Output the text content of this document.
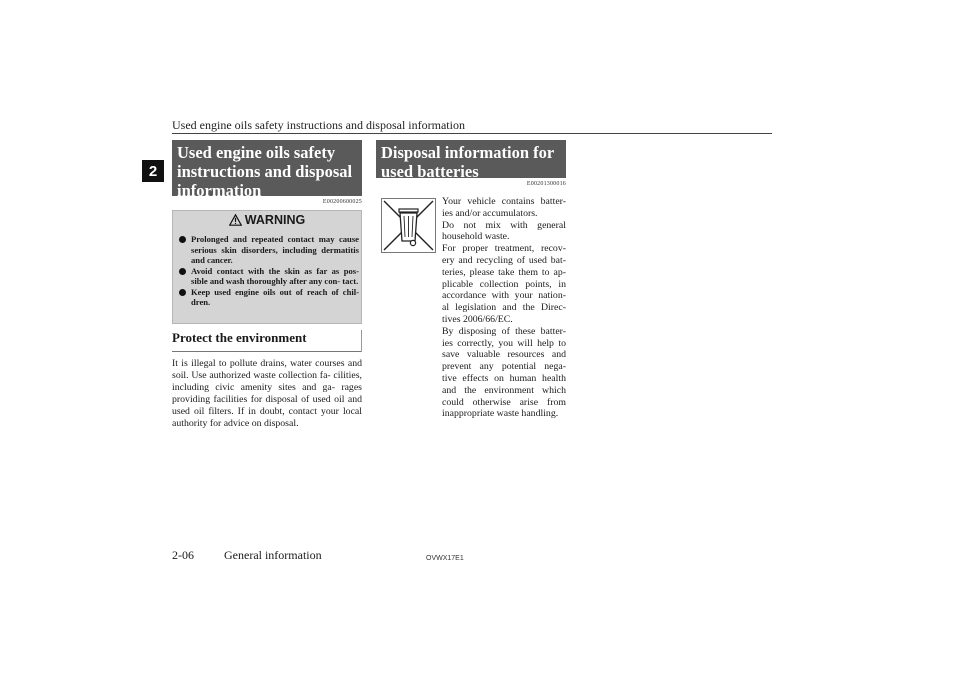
Used engine oils safety instructions and disposal information
2
Used engine oils safety instructions and disposal information
E00200600025
WARNING
Prolonged and repeated contact may cause serious skin disorders, including dermatitis and cancer.
Avoid contact with the skin as far as pos- sible and wash thoroughly after any con- tact.
Keep used engine oils out of reach of chil- dren.
Protect the environment
It is illegal to pollute drains, water courses and soil. Use authorized waste collection fa- cilities, including civic amenity sites and ga- rages providing facilities for disposal of used oil and used oil filters. If in doubt, contact your local authority for advice on disposal.
Disposal information for used batteries
E00201300016

Your vehicle contains batter- ies and/or accumulators.

Do not mix with general household waste.

For proper treatment, recov- ery and recycling of used bat- teries, please take them to ap- plicable collection points, in accordance with your nation- al legislation and the Direc- tives 2006/66/EC.

By disposing of these batter- ies correctly, you will help to save valuable resources and prevent any potential nega- tive effects on human health and the environment which could otherwise arise from inappropriate waste handling.

2-06	General information	OVWX17E1
